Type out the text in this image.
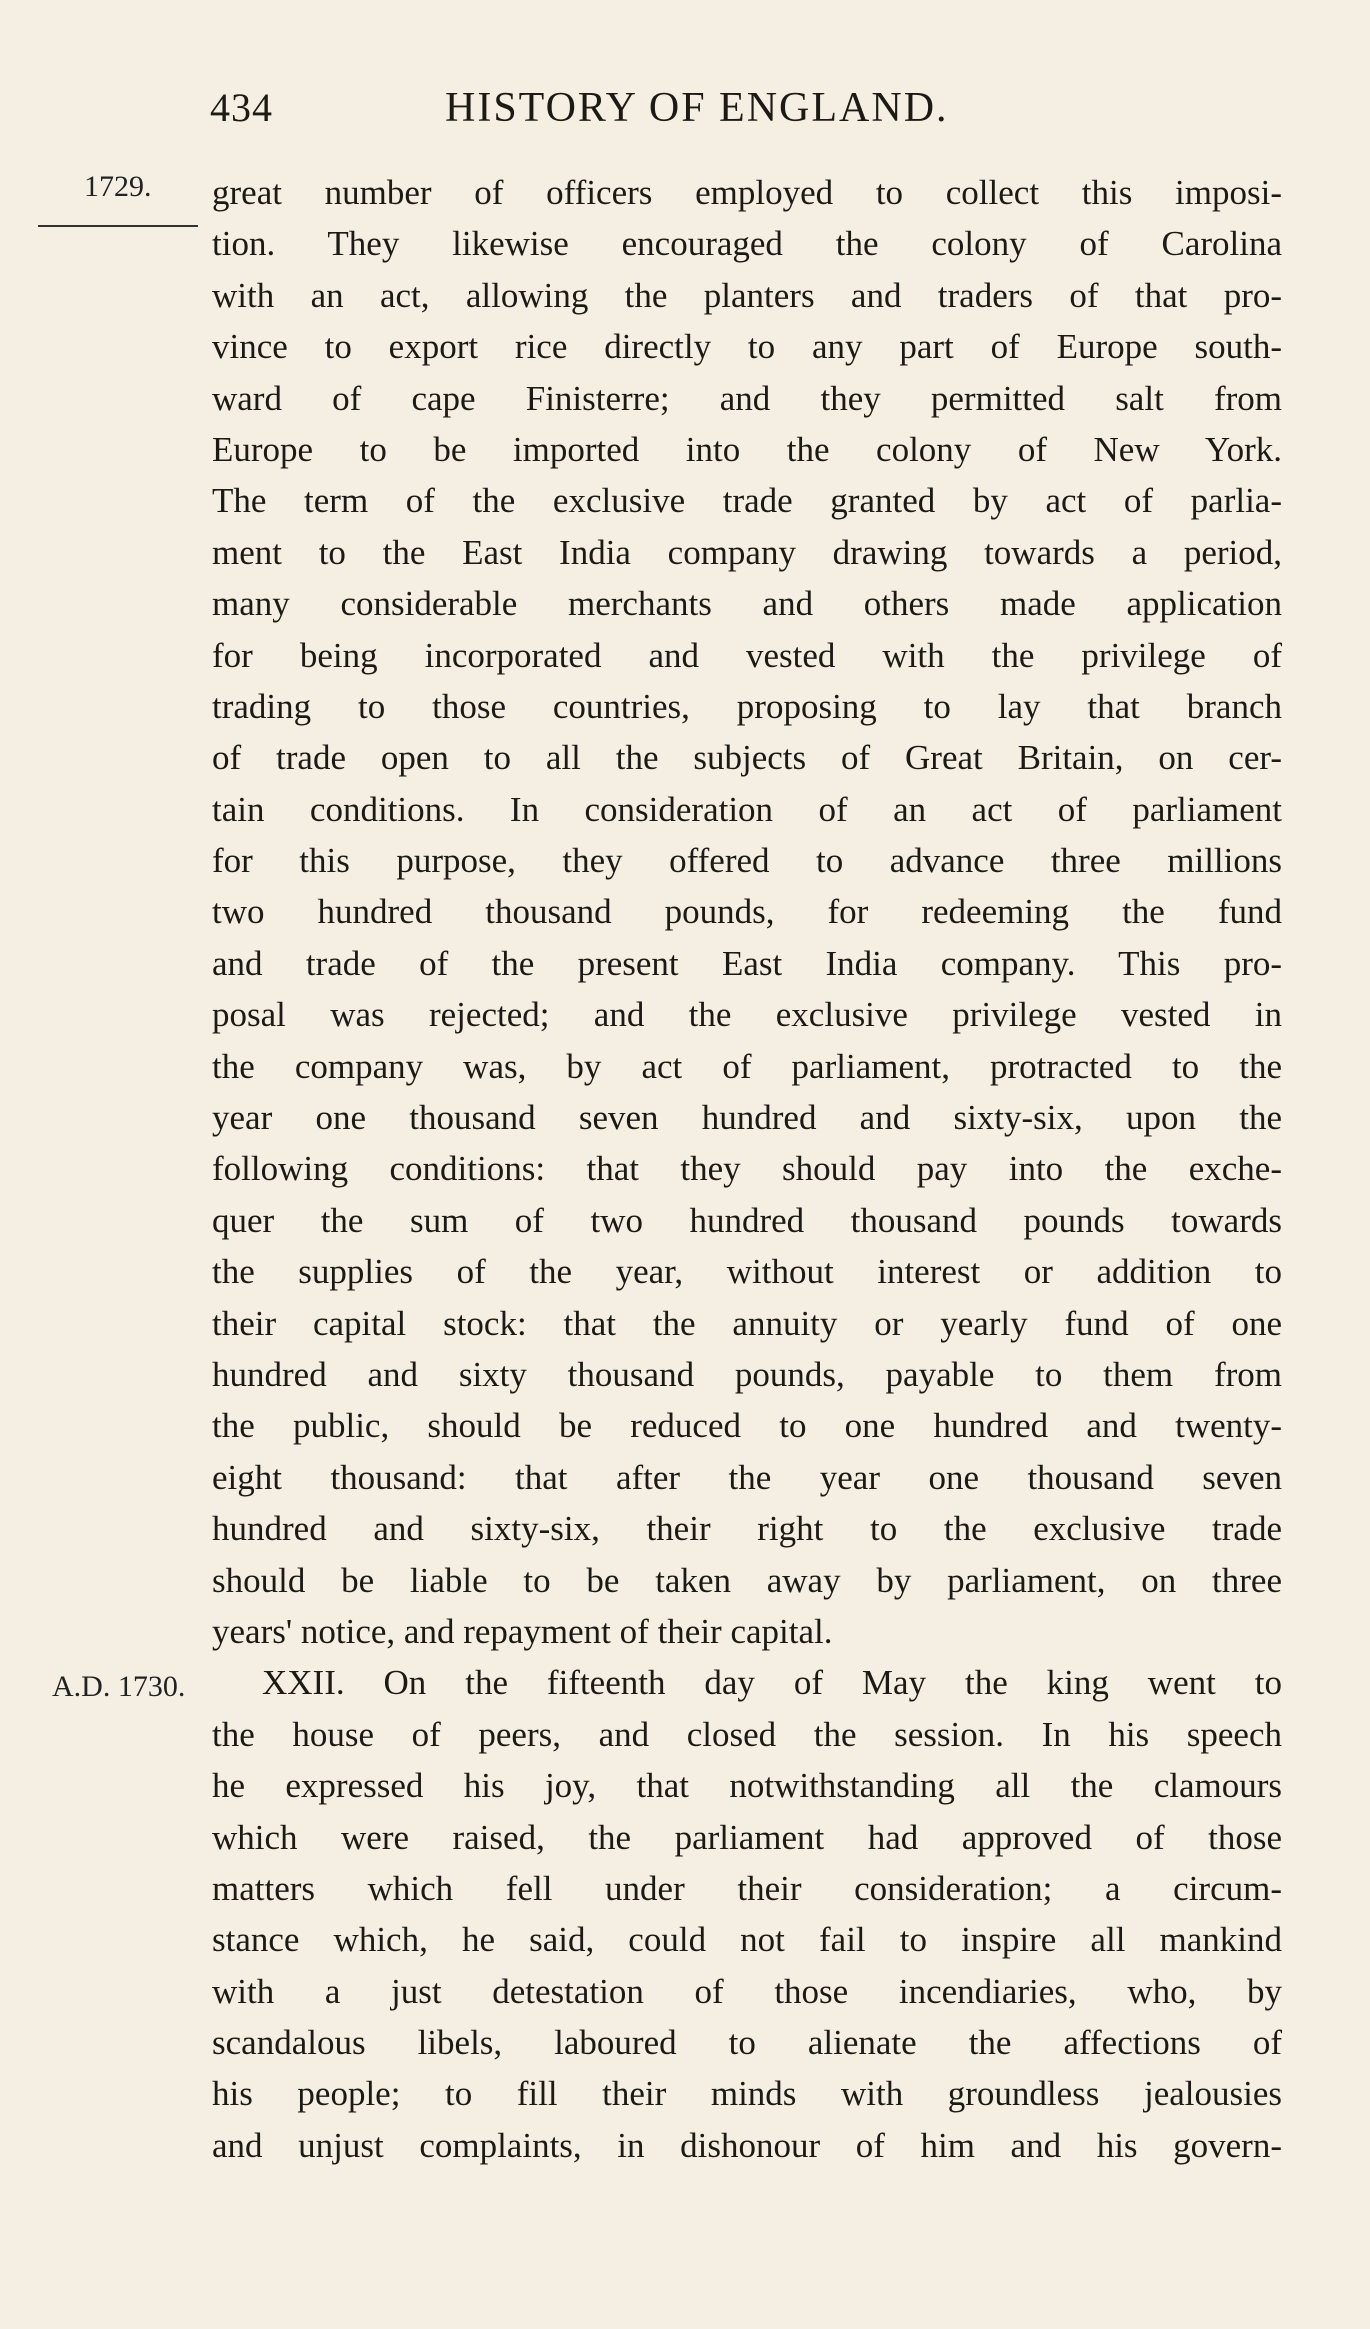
434	HISTORY OF ENGLAND.
1729.
A.D. 1730.
great number of officers employed to collect this imposi-
tion. They likewise encouraged the colony of Carolina
with an act, allowing the planters and traders of that pro-
vince to export rice directly to any part of Europe south-
ward of cape Finisterre; and they permitted salt from
Europe to be imported into the colony of New York.
The term of the exclusive trade granted by act of parlia-
ment to the East India company drawing towards a period,
many considerable merchants and others made application
for being incorporated and vested with the privilege of
trading to those countries, proposing to lay that branch
of trade open to all the subjects of Great Britain, on cer-
tain conditions. In consideration of an act of parliament
for this purpose, they offered to advance three millions
two hundred thousand pounds, for redeeming the fund
and trade of the present East India company. This pro-
posal was rejected; and the exclusive privilege vested in
the company was, by act of parliament, protracted to the
year one thousand seven hundred and sixty-six, upon the
following conditions: that they should pay into the exche-
quer the sum of two hundred thousand pounds towards
the supplies of the year, without interest or addition to
their capital stock: that the annuity or yearly fund of one
hundred and sixty thousand pounds, payable to them from
the public, should be reduced to one hundred and twenty-
eight thousand: that after the year one thousand seven
hundred and sixty-six, their right to the exclusive trade
should be liable to be taken away by parliament, on three
years' notice, and repayment of their capital.
XXII. On the fifteenth day of May the king went to
the house of peers, and closed the session. In his speech
he expressed his joy, that notwithstanding all the clamours
which were raised, the parliament had approved of those
matters which fell under their consideration; a circum-
stance which, he said, could not fail to inspire all mankind
with a just detestation of those incendiaries, who, by
scandalous libels, laboured to alienate the affections of
his people; to fill their minds with groundless jealousies
and unjust complaints, in dishonour of him and his govern-
